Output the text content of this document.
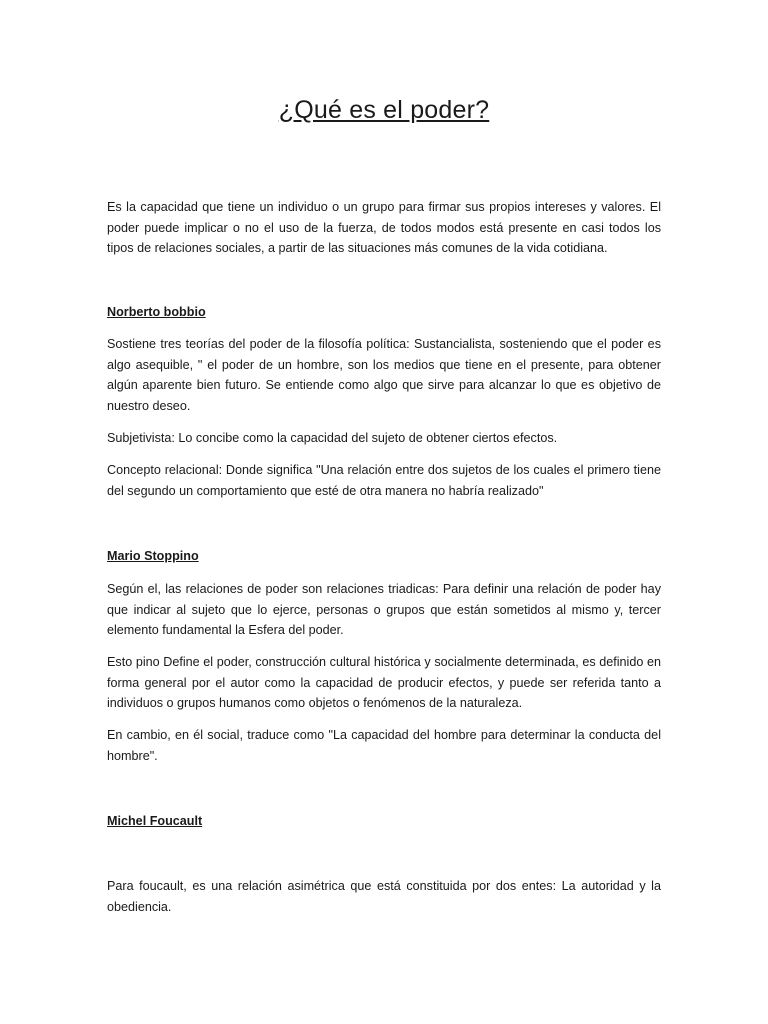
¿Qué es el poder?

Es la capacidad que tiene un individuo o un grupo para firmar sus propios intereses y valores. El poder puede implicar o no el uso de la fuerza, de todos modos está presente en casi todos los tipos de relaciones sociales, a partir de las situaciones más comunes de la vida cotidiana.

Norberto bobbio

Sostiene tres teorías del poder de la filosofía política: Sustancialista, sosteniendo que el poder es algo asequible, " el poder de un hombre, son los medios que tiene en el presente, para obtener algún aparente bien futuro. Se entiende como algo que sirve para alcanzar lo que es objetivo de nuestro deseo.

Subjetivista: Lo concibe como la capacidad del sujeto de obtener ciertos efectos.

Concepto relacional: Donde significa "Una relación entre dos sujetos de los cuales el primero tiene del segundo un comportamiento que esté de otra manera no habría realizado"

Mario Stoppino

Según el, las relaciones de poder son relaciones triadicas: Para definir una relación de poder hay que indicar al sujeto que lo ejerce, personas o grupos que están sometidos al mismo y, tercer elemento fundamental la Esfera del poder.

Esto pino Define el poder, construcción cultural histórica y socialmente determinada, es definido en forma general por el autor como la capacidad de producir efectos, y puede ser referida tanto a individuos o grupos humanos como objetos o fenómenos de la naturaleza.

En cambio, en él social, traduce como "La capacidad del hombre para determinar la conducta del hombre".

Michel Foucault

Para foucault, es una relación asimétrica que está constituida por dos entes: La autoridad y la obediencia.
